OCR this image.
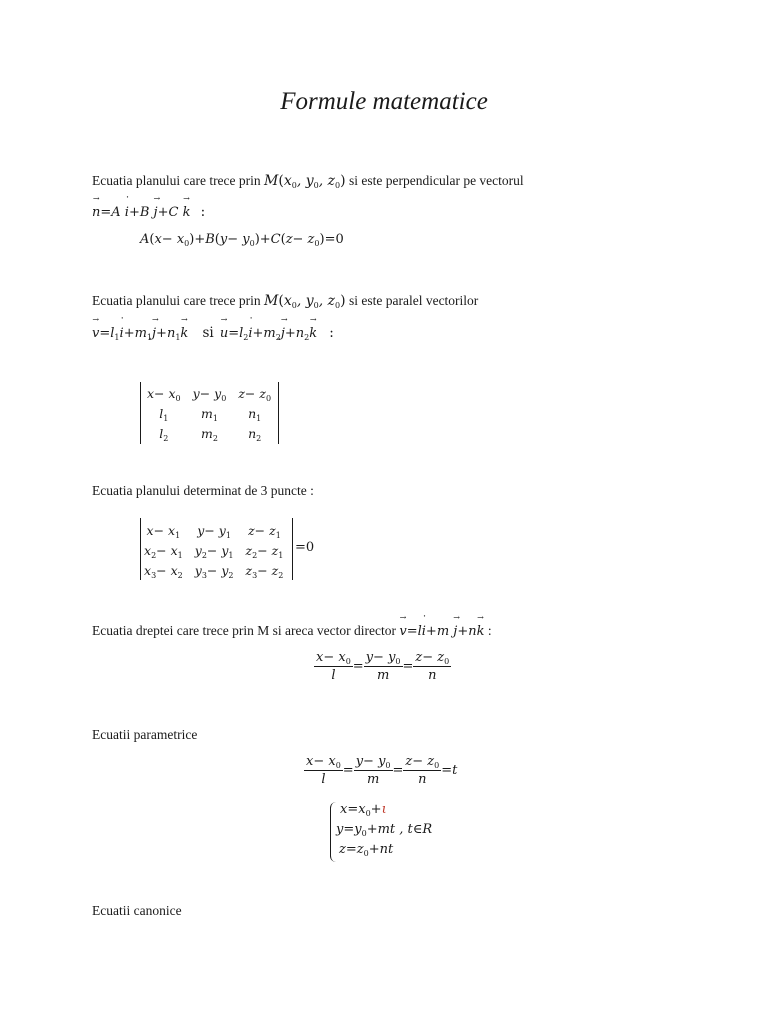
Formule matematice
Ecuatia planului care trece prin $M(x_0$, $y_0$, $z_0$) si este perpendicular pe vectorul
→ n=A ˙ i+B → j+C → k :
$A(x- x_0)+B(y- y_0)+C(z- z_0)=0$
Ecuatia planului care trece prin $M(x_0$, $y_0$, $z_0$) si este paralel vectorilor
→ $v=l_1˙$ $i+m_1\to j+n_1\to k$ si → $u=l_2˙$ $i+m_2\to j+n_2\to k$ :
$x- x_0$	$y- y_0$	$z- z_0$
$l_1$	$m_1$	$n_1$
$l_2$	$m_2$	$n_2$
Ecuatia planului determinat de 3 puncte :
$x- x_1$	$y- y_1$	$z- z_1$
$x_2- x_1$	$y_2- y_1$	$z_2- z_1$
$x_3- x_2$	$y_3- y_2$	$z_3- z_2$
=0
Ecuatia dreptei care trece prin M si areca vector director → v=l˙ i+m → j+n→ k :
$\frac{x- x_0}{l} = \frac{y- y_0}{m} = \frac{z- z_0}{n}$
Ecuatii parametrice
$\frac{x- x_0}{l} = \frac{y- y_0}{m} = \frac{z- z_0}{n} =t$
$x=x_0+\iota$
$y=y_0+mt$ , t∈R
$z=z_0+nt$
Ecuatii canonice
